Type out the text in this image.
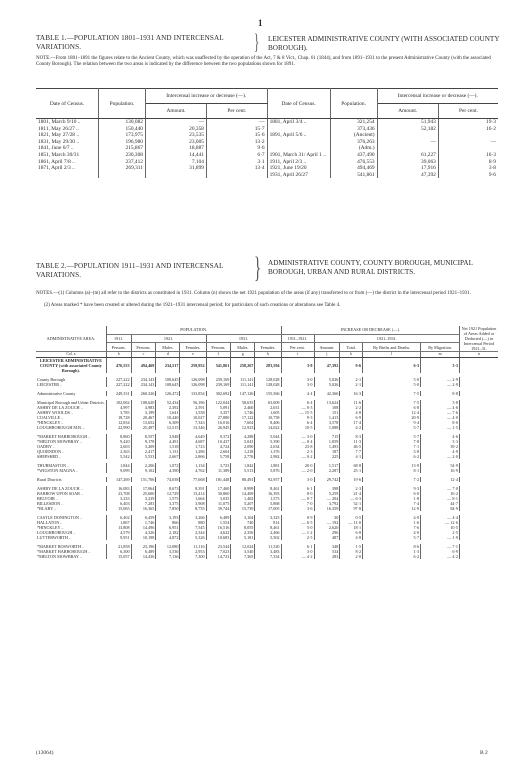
1
TABLE 1.—POPULATION 1801–1931 AND INTERCENSAL VARIATIONS.	} LEICESTER ADMINISTRATIVE COUNTY (WITH ASSOCIATED COUNTY BOROUGH).
NOTE.—From 1801–1891 the figures relate to the Ancient County, which was unaffected by the operation of the Act, 7 & 8 Vict., Chap. 61 (1844), and from 1891–1931 to the present Administrative County (with the associated County Borough). The relation between the two areas is indicated by the difference between the two populations shown for 1891.
Date of Census.	Population.	Intercensal increase or decrease (—).		Date of Census.	Population.	Intercensal increase or decrease (—).	
		Amount.	Per cent.			Amount.	Per cent.
1801, March 9/10 ..	130,082	—	—	1881, April 3/4 ..	321,254	51,943	19·3
1811, May 26/27 ..	150,440	20,358	15·7		373,436	52,182	16·2
1821, May 27/28 ..	173,975	23,535	15·6	1891, April 5/6 ..	(Ancient)		
1831, May 29/30 ..	196,980	23,005	13·2		376,263	—	—
1841, June 6/7 ..	215,867	18,887	9·6		(Adm.)		
1851, March 30/31	230,308	14,441	6·7	1901, March 31/ April 1 ..	437,490	61,227	16·3
1861, April 7/8 ..	237,412	7,104	3·1	1911, April 2/3 ..	476,553	39,063	8·9
1871, April 2/3 ..	269,311	31,899	13·4	1921, June 19/20	494,469	17,916	3·8
				1931, April 26/27	541,861	47,392	9·6
TABLE 2.—POPULATION 1911–1931 AND INTERCENSAL VARIATIONS.	} ADMINISTRATIVE COUNTY, COUNTY BOROUGH, MUNICIPAL BOROUGH, URBAN AND RURAL DISTRICTS.
NOTES.—(1) Columns (a)–(m) all refer to the districts as constituted in 1931. Column (n) shows the net 1921 population of the areas (if any) transferred to or from (—) the district in the intercensal period 1921–1931.
(2) Areas marked * have been created or altered during the 1921–1931 intercensal period; for particulars of such creations or alterations see Table 4.
ADMINISTRATIVE AREA.	POPULATION.							INCREASE OR DECREASE (—).					Net 1921 Population of Areas Added or Deducted (—) in Intercensal Period 1921–31.
	1911.	1921.			1931.			1911–1921.	1921–1931.				
	Persons.	Persons.	Males.	Females.	Persons.	Males.	Females.	Per cent.	Amount.	Total.	By Births and Deaths.	By Migration.	
Col. a	b	c	d	e	f	g	h	i	j	k	l	m	n
LEICESTER ADMINISTRATIVE COUNTY (with associated County Borough).	476,553	494,469	234,517	259,952	541,861	258,267	283,594	3·8	47,392	9·6	6·3	3·3	

County Borough	227,222	234,143	108,645	126,098	239,169	111,141	128,028	3·0	5,026	2·1	5·0	— 2·9	
LEICESTER ..	227,222	234,143	108,645	126,098	239,169	111,141	128,028	3·0	5,026	2·1	5·0	— 2·9	

Administrative County	249,331	260,326	126,472	133,854	302,692	147,126	155,566	4·4	42,366	16·3	7·5	8·8	

Municipal Borough and Urban Districts.	102,062	108,620	52,434	56,186	122,044	58,635	63,609	6·4	13,624	11·6	7·5	3·8	
ASHBY DE LA ZOUCH ..	4,997	4,983	2,392	2,591	5,091	2,460	2,631	— 0·3	108	2·2	6·8	— 4·6	
ASHBY WOOLDS ..	3,785	3,199	1,641	1,558	3,357	1,746	1,605	— 15·5	151	4·8	12·4	— 7·6	
COALVILLE ..	18,728	20,467	10,440	10,027	27,880	17,122	10,758	9·3	1,413	6·9	20·9	— 4·0	
*HINCKLEY ..	12,834	13,652	6,309	7,343	16,016	7,604	8,406	6·4	3,578	17·4	9·4	8·0	
LOUGHBOROUGH M.B. ..	22,990	25,497	12,515	13,346	26,945	12,923	14,022	10·5	1,088	4·2	5·7	— 1·5	

*MARKET HARBOROUGH ..	8,860	8,557	3,948	4,649	9,372	4,288	5,044	— 3·0	715	8·3	5·7	4·6	
*MELTON MOWBRAY ..	9,420	9,178	4,491	4,687	10,437	5,043	5,390	— 0·4	1,059	11·3	7·8	3·3	
OADBY ..	2,603	3,209	1,518	1,723	4,724	2,090	2,634	23·8	1,493	46·5	7·1	39·2	
QUORNDON ..	2,363	2,417	1,131	1,286	2,604	1,218	1,376	2·3	187	7·7	3·8	4·9	
SHEPSHED ..	5,542	5,533	2,667	2,866	5,758	2,776	2,982	— 0·2	225	4·1	6·2	— 2·0	

THURMASTON ..	1,844	2,206	1,072	1,134	3,723	1,842	1,881	20·0	1,517	68·8	13·9	54·9	
*WIGSTON MAGNA ..	9,099	9,102	4,390	4,762	11,389	5,513	5,876	— 2·0	2,287	25·1	8·1	16·9	

Rural Districts	147,269	151,706	74,038	77,668	181,448	88,491	92,957	3·0	29,742	19·6	7·2	12·4	

ASHBY DE LA ZOUCH ..	16,083	17,064	8,673	8,391	17,460	8,999	8,461	6·1	398	2·3	9·3	— 7·0	
BARROW UPON SOAR ..	23,708	25,600	12,729	13,414	30,860	14,469	16,393	8·0	5,259	21·4	6·0	16·2	
BELVOIR ..	3,233	3,239	1,575	1,664	3,035	1,402	1,573	— 0·7	— 204	— 6·3	1·8	— 8·1	
BILLESDON ..	6,403	7,283	3,375	3,908	11,075	5,207	5,868	7·0	3,792	52·1	7·4	44·7	
*BLABY ..	15,065	16,365	7,850	8,755	39,744	15,739	17,005	3·6	16,359	97·8	12·9	84·9	

CASTLE DONINGTON ..	6,402	6,459	3,193	3,266	6,489	3,164	3,325	0·9	30	0·5	4·9	— 4·4	
HALLATON ..	1,867	1,746	866	880	1,554	740	814	— 6·5	— 192	— 11·0	1·6	— 12·6	
*HINCKLEY ..	13,808	14,496	6,951	7,545	16,516	8,055	8,461	5·0	2,620	18·1	7·6	10·5	
LOUGHBOROUGH ..	4,579	4,326	2,182	2,344	4,622	2,356	2,466	— 1·2	296	6·8	4·0	2·5	
LUTTERWORTH ..	9,951	10,198	4,872	5,326	10,683	5,181	5,502	2·5	487	4·8	5·7	— 1·9	

*MARKET BOSWORTH ..	21,858	23,196	12,080	11,116	23,544	12,024	11,520	6·1	348	1·5	8·6	— 7·1	
*MARKET HARBOROUGH ..	6,300	6,489	3,536	2,953	7,023	3,540	3,483	3·0	534	8·2	1·3	6·9	
*MELTON MOWBRAY ..	15,057	14,436	7,136	7,300	14,723	7,365	7,334	— 4·2	283	2·0	6·2	— 4·2	
(13064)	B 2
